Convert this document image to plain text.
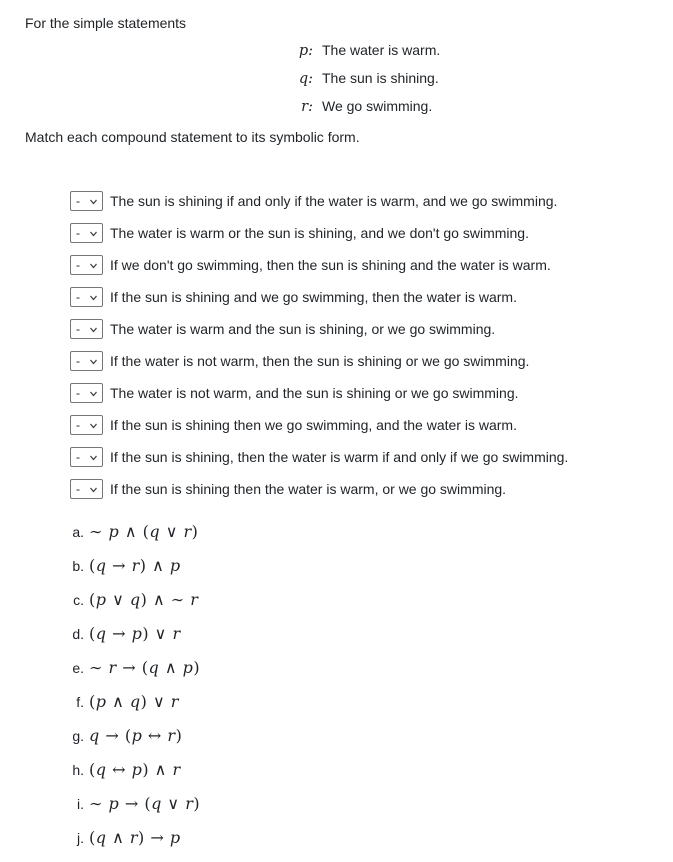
For the simple statements

p: The water is warm.
q: The sun is shining.
r: We go swimming.

Match each compound statement to its symbolic form.

- The sun is shining if and only if the water is warm, and we go swimming.
- The water is warm or the sun is shining, and we don't go swimming.
- If we don't go swimming, then the sun is shining and the water is warm.
- If the sun is shining and we go swimming, then the water is warm.
- The water is warm and the sun is shining, or we go swimming.
- If the water is not warm, then the sun is shining or we go swimming.
- The water is not warm, and the sun is shining or we go swimming.
- If the sun is shining then we go swimming, and the water is warm.
- If the sun is shining, then the water is warm if and only if we go swimming.
- If the sun is shining then the water is warm, or we go swimming.
a. ∼ p ∧ (q ∨ r)
b. (q → r) ∧ p
c. (p ∨ q) ∧ ∼ r
d. (q → p) ∨ r
e. ∼ r → (q ∧ p)
f. (p ∧ q) ∨ r
g. q → (p ↔ r)
h. (q ↔ p) ∧ r
i. ∼ p → (q ∨ r)
j. (q ∧ r) → p
